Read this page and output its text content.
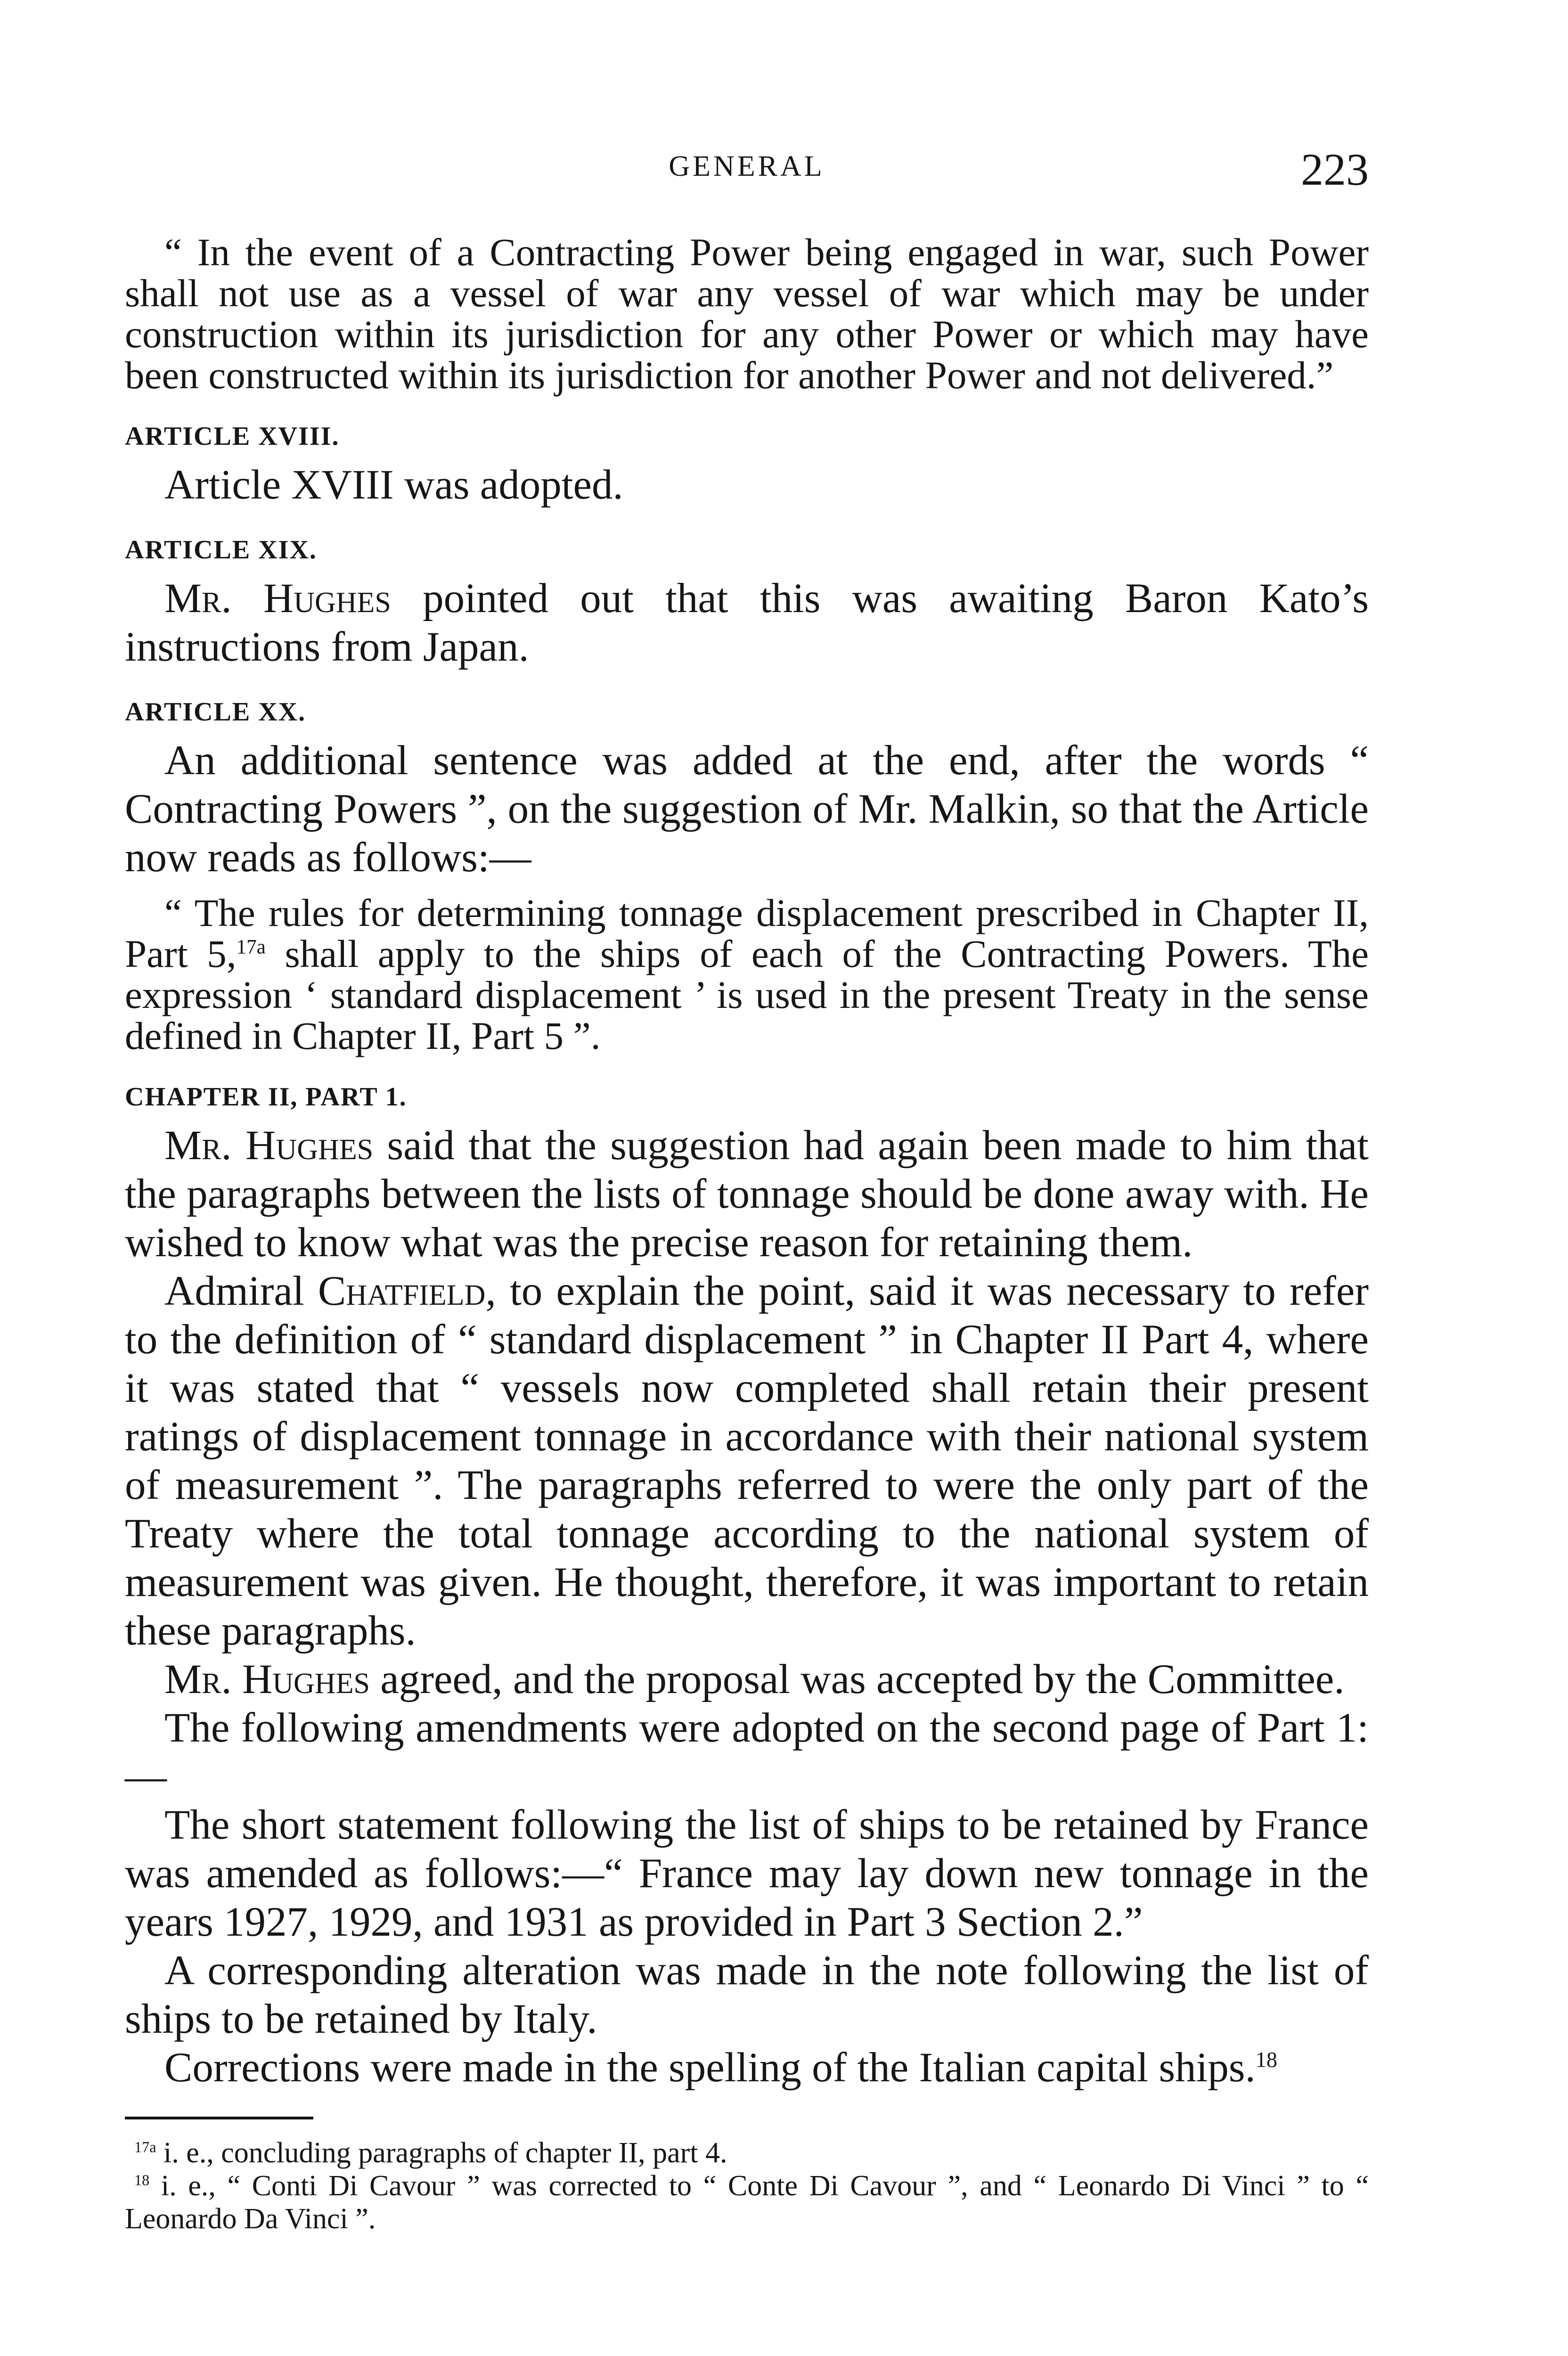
GENERAL	223

“ In the event of a Contracting Power being engaged in war, such Power shall not use as a vessel of war any vessel of war which may be under construction within its jurisdiction for any other Power or which may have been constructed within its jurisdiction for another Power and not delivered.”

ARTICLE XVIII.

Article XVIII was adopted.

ARTICLE XIX.

Mr. Hughes pointed out that this was awaiting Baron Kato’s instructions from Japan.

ARTICLE XX.

An additional sentence was added at the end, after the words “ Contracting Powers ”, on the suggestion of Mr. Malkin, so that the Article now reads as follows:—

“ The rules for determining tonnage displacement prescribed in Chapter II, Part 5,$^{17a}$ shall apply to the ships of each of the Contracting Powers. The expression ‘ standard displacement ’ is used in the present Treaty in the sense defined in Chapter II, Part 5 ”.

CHAPTER II, PART 1.

Mr. Hughes said that the suggestion had again been made to him that the paragraphs between the lists of tonnage should be done away with. He wished to know what was the precise reason for retaining them.

Admiral Chatfield, to explain the point, said it was necessary to refer to the definition of “ standard displacement ” in Chapter II Part 4, where it was stated that “ vessels now completed shall retain their present ratings of displacement tonnage in accordance with their national system of measurement ”. The paragraphs referred to were the only part of the Treaty where the total tonnage according to the national system of measurement was given. He thought, therefore, it was important to retain these paragraphs.

Mr. Hughes agreed, and the proposal was accepted by the Committee.

The following amendments were adopted on the second page of Part 1:—

The short statement following the list of ships to be retained by France was amended as follows:—“ France may lay down new tonnage in the years 1927, 1929, and 1931 as provided in Part 3 Section 2.”

A corresponding alteration was made in the note following the list of ships to be retained by Italy.

Corrections were made in the spelling of the Italian capital ships.$^{18}$

$^{17a}$ i. e., concluding paragraphs of chapter II, part 4.

$^{18}$ i. e., “ Conti Di Cavour ” was corrected to “ Conte Di Cavour ”, and “ Leonardo Di Vinci ” to “ Leonardo Da Vinci ”.
